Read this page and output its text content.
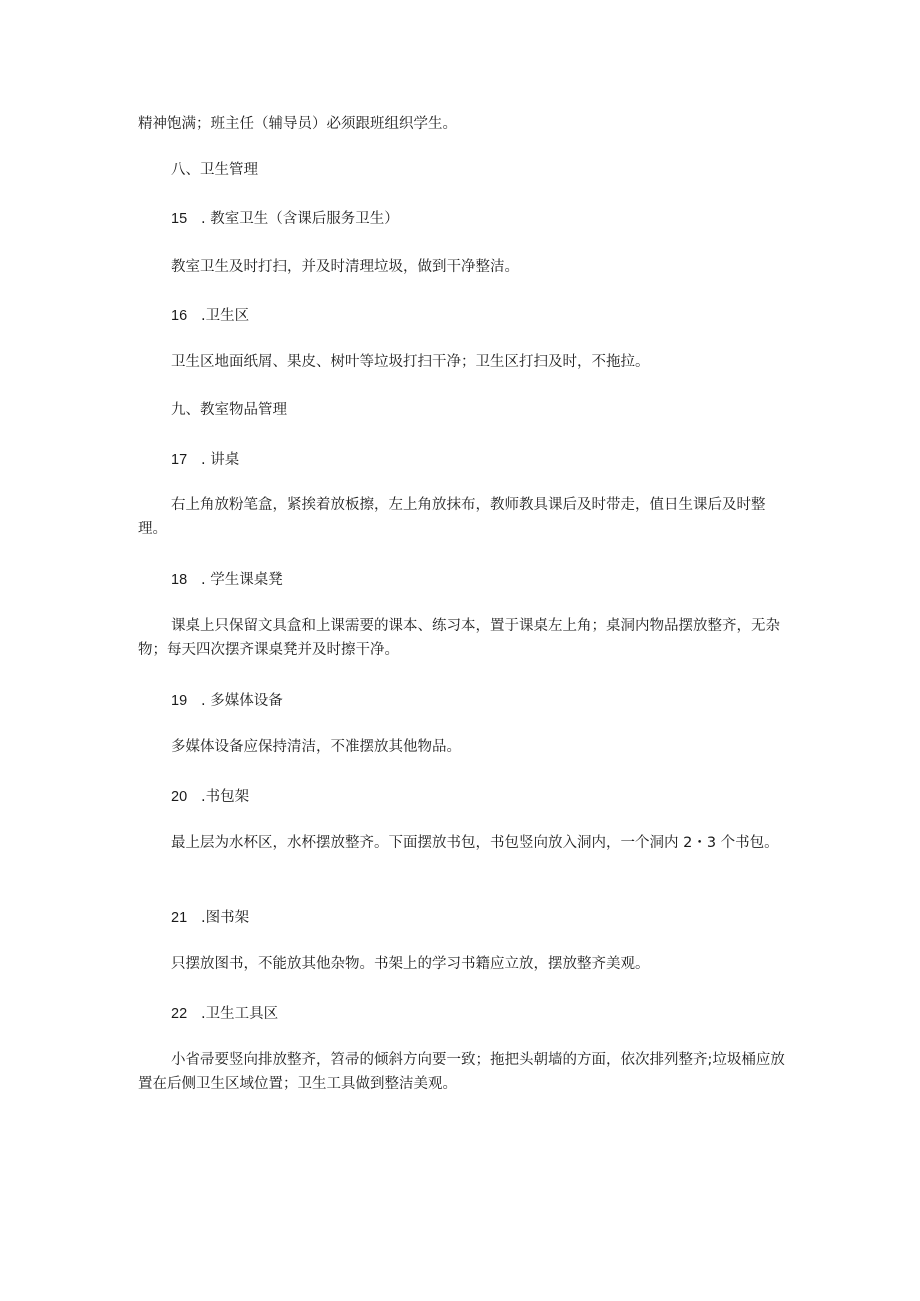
精神饱满；班主任（辅导员）必须跟班组织学生。

八、卫生管理

15 . 教室卫生（含课后服务卫生）

教室卫生及时打扫，并及时清理垃圾，做到干净整洁。

16 .卫生区

卫生区地面纸屑、果皮、树叶等垃圾打扫干净；卫生区打扫及时，不拖拉。

九、教室物品管理

17 . 讲桌

右上角放粉笔盒，紧挨着放板擦，左上角放抹布，教师教具课后及时带走，值日生课后及时整理。

18 . 学生课桌凳

课桌上只保留文具盒和上课需要的课本、练习本，置于课桌左上角；桌洞内物品摆放整齐，无杂物；每天四次摆齐课桌凳并及时擦干净。

19 . 多媒体设备

多媒体设备应保持清洁，不准摆放其他物品。

20 .书包架

最上层为水杯区，水杯摆放整齐。下面摆放书包，书包竖向放入洞内，一个洞内 2・3 个书包。

21 .图书架

只摆放图书，不能放其他杂物。书架上的学习书籍应立放，摆放整齐美观。

22 .卫生工具区

小省帚要竖向排放整齐，笤帚的倾斜方向要一致；拖把头朝墙的方面，依次排列整齐;垃圾桶应放置在后侧卫生区域位置；卫生工具做到整洁美观。
